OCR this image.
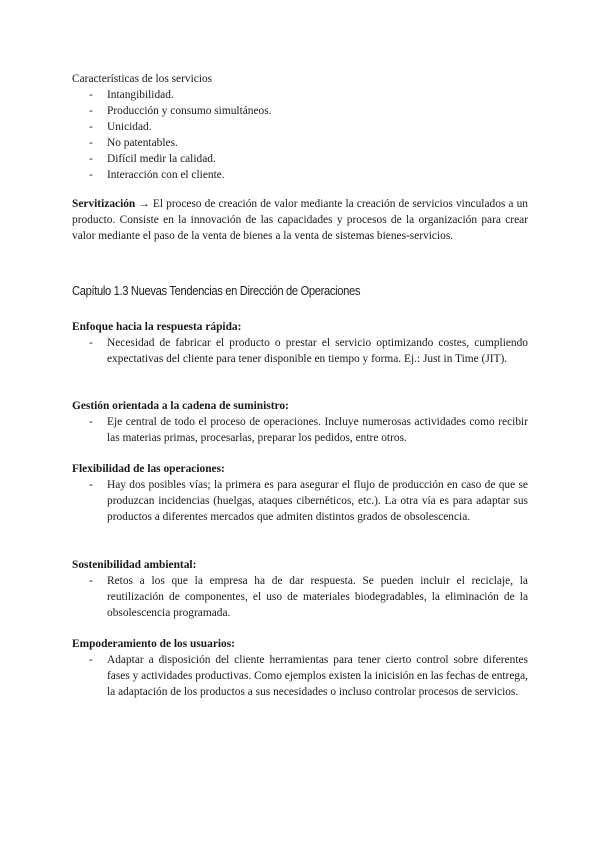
Características de los servicios
- Intangibilidad.
- Producción y consumo simultáneos.
- Unicidad.
- No patentables.
- Difícil medir la calidad.
- Interacción con el cliente.
Servitización → El proceso de creación de valor mediante la creación de servicios vinculados a un producto. Consiste en la innovación de las capacidades y procesos de la organización para crear valor mediante el paso de la venta de bienes a la venta de sistemas bienes-servicios.
Capítulo 1.3 Nuevas Tendencias en Dirección de Operaciones
Enfoque hacia la respuesta rápida:
- Necesidad de fabricar el producto o prestar el servicio optimizando costes, cumpliendo expectativas del cliente para tener disponible en tiempo y forma. Ej.: Just in Time (JIT).
Gestión orientada a la cadena de suministro:
- Eje central de todo el proceso de operaciones. Incluye numerosas actividades como recibir las materias primas, procesarlas, preparar los pedidos, entre otros.
Flexibilidad de las operaciones:
- Hay dos posibles vías; la primera es para asegurar el flujo de producción en caso de que se produzcan incidencias (huelgas, ataques cibernéticos, etc.). La otra vía es para adaptar sus productos a diferentes mercados que admiten distintos grados de obsolescencia.
Sostenibilidad ambiental:
- Retos a los que la empresa ha de dar respuesta. Se pueden incluir el reciclaje, la reutilización de componentes, el uso de materiales biodegradables, la eliminación de la obsolescencia programada.
Empoderamiento de los usuarios:
- Adaptar a disposición del cliente herramientas para tener cierto control sobre diferentes fases y actividades productivas. Como ejemplos existen la inicisión en las fechas de entrega, la adaptación de los productos a sus necesidades o incluso controlar procesos de servicios.
